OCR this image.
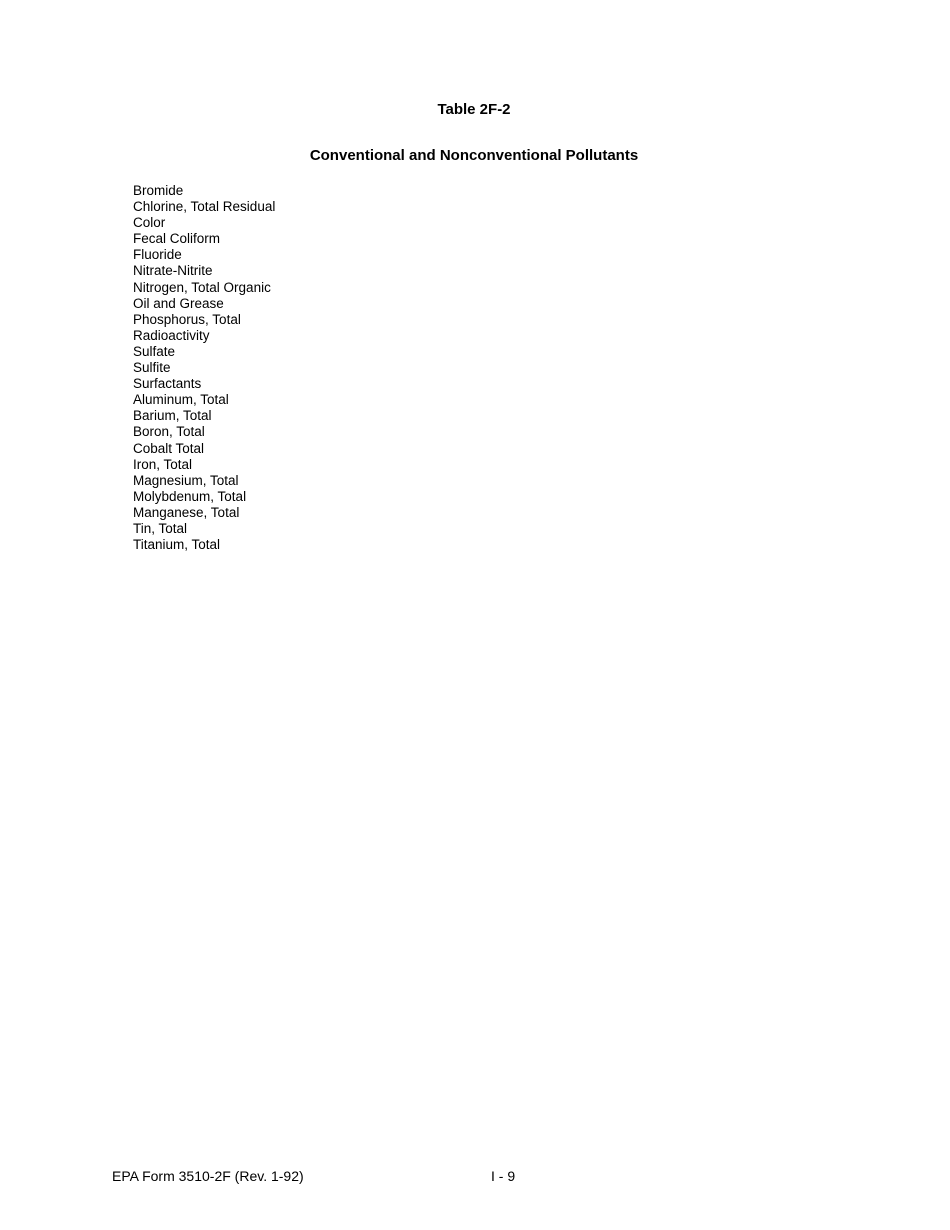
Table 2F-2
Conventional and Nonconventional Pollutants
Bromide
Chlorine, Total Residual
Color
Fecal Coliform
Fluoride
Nitrate-Nitrite
Nitrogen, Total Organic
Oil and Grease
Phosphorus, Total
Radioactivity
Sulfate
Sulfite
Surfactants
Aluminum, Total
Barium, Total
Boron, Total
Cobalt Total
Iron, Total
Magnesium, Total
Molybdenum, Total
Manganese, Total
Tin, Total
Titanium, Total
EPA Form 3510-2F (Rev. 1-92)	I - 9
